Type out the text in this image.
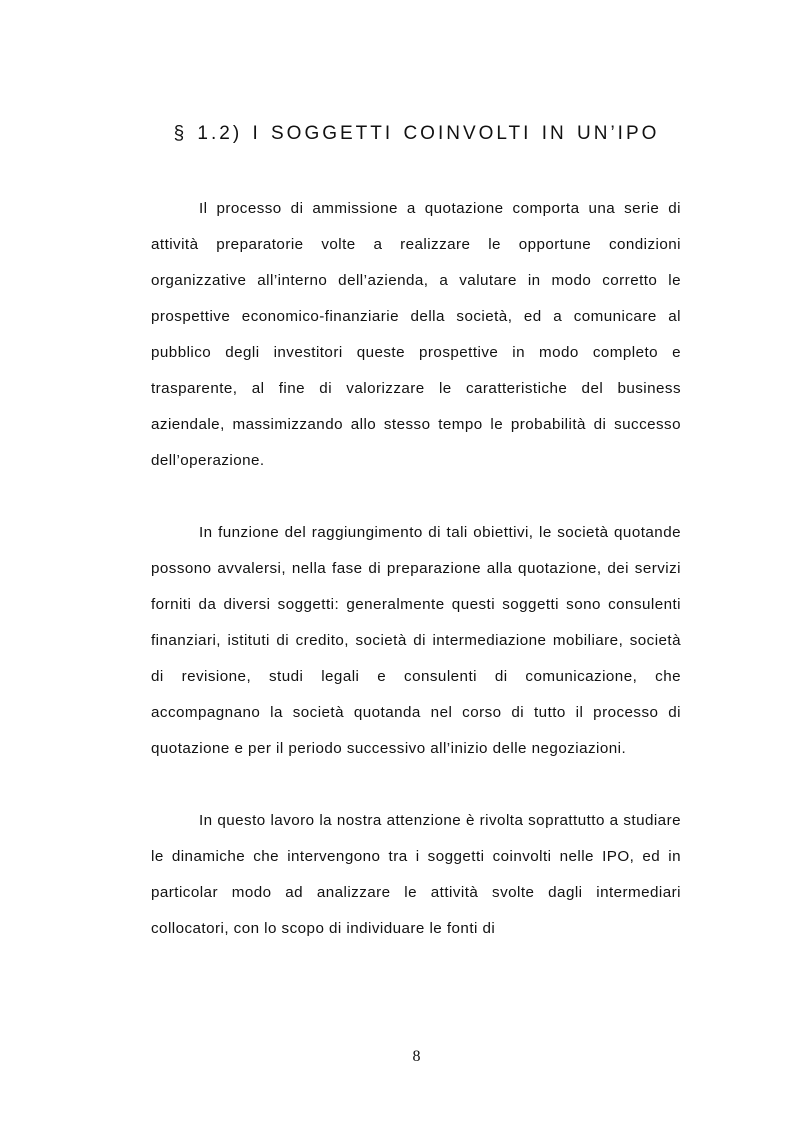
§ 1.2) I SOGGETTI COINVOLTI IN UN’IPO

Il processo di ammissione a quotazione comporta una serie di attività preparatorie volte a realizzare le opportune condizioni organizzative all’interno dell’azienda, a valutare in modo corretto le prospettive economico-finanziarie della società, ed a comunicare al pubblico degli investitori queste prospettive in modo completo e trasparente, al fine di valorizzare le caratteristiche del business aziendale, massimizzando allo stesso tempo le probabilità di successo dell’operazione.

In funzione del raggiungimento di tali obiettivi, le società quotande possono avvalersi, nella fase di preparazione alla quotazione, dei servizi forniti da diversi soggetti: generalmente questi soggetti sono consulenti finanziari, istituti di credito, società di intermediazione mobiliare, società di revisione, studi legali e consulenti di comunicazione, che accompagnano la società quotanda nel corso di tutto il processo di quotazione e per il periodo successivo all’inizio delle negoziazioni.

In questo lavoro la nostra attenzione è rivolta soprattutto a studiare le dinamiche che intervengono tra i soggetti coinvolti nelle IPO, ed in particolar modo ad analizzare le attività svolte dagli intermediari collocatori, con lo scopo di individuare le fonti di

8
